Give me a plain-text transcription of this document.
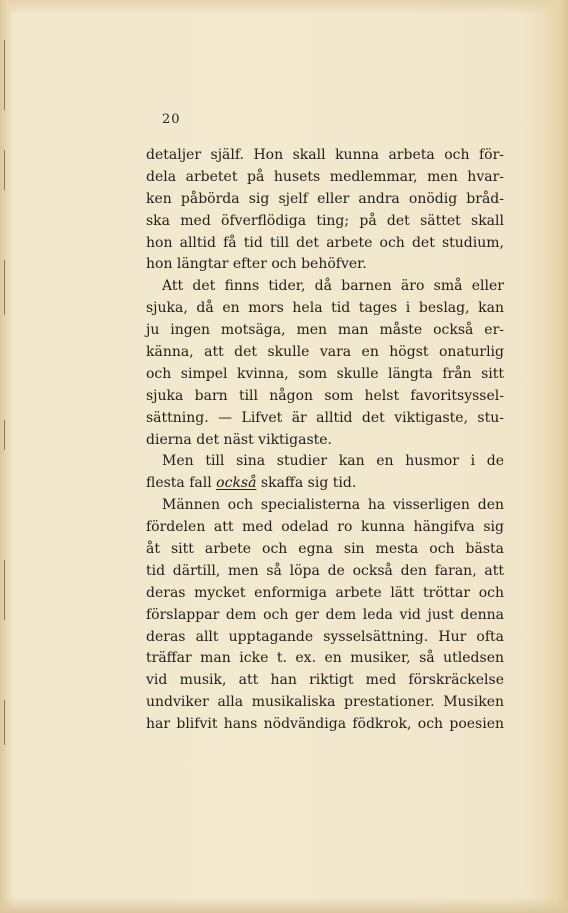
20
detaljer själf. Hon skall kunna arbeta och för-
dela arbetet på husets medlemmar, men hvar-
ken påbörda sig sjelf eller andra onödig bråd-
ska med öfverflödiga ting; på det sättet skall
hon alltid få tid till det arbete och det studium,
hon längtar efter och behöfver.
Att det finns tider, då barnen äro små eller
sjuka, då en mors hela tid tages i beslag, kan
ju ingen motsäga, men man måste också er-
känna, att det skulle vara en högst onaturlig
och simpel kvinna, som skulle längta från sitt
sjuka barn till någon som helst favoritsyssel-
sättning. — Lifvet är alltid det viktigaste, stu-
dierna det näst viktigaste.
Men till sina studier kan en husmor i de
flesta fall också skaffa sig tid.
Männen och specialisterna ha visserligen den
fördelen att med odelad ro kunna hängifva sig
åt sitt arbete och egna sin mesta och bästa
tid därtill, men så löpa de också den faran, att
deras mycket enformiga arbete lätt tröttar och
förslappar dem och ger dem leda vid just denna
deras allt upptagande sysselsättning. Hur ofta
träffar man icke t. ex. en musiker, så utledsen
vid musik, att han riktigt med förskräckelse
undviker alla musikaliska prestationer. Musiken
har blifvit hans nödvändiga födkrok, och poesien
